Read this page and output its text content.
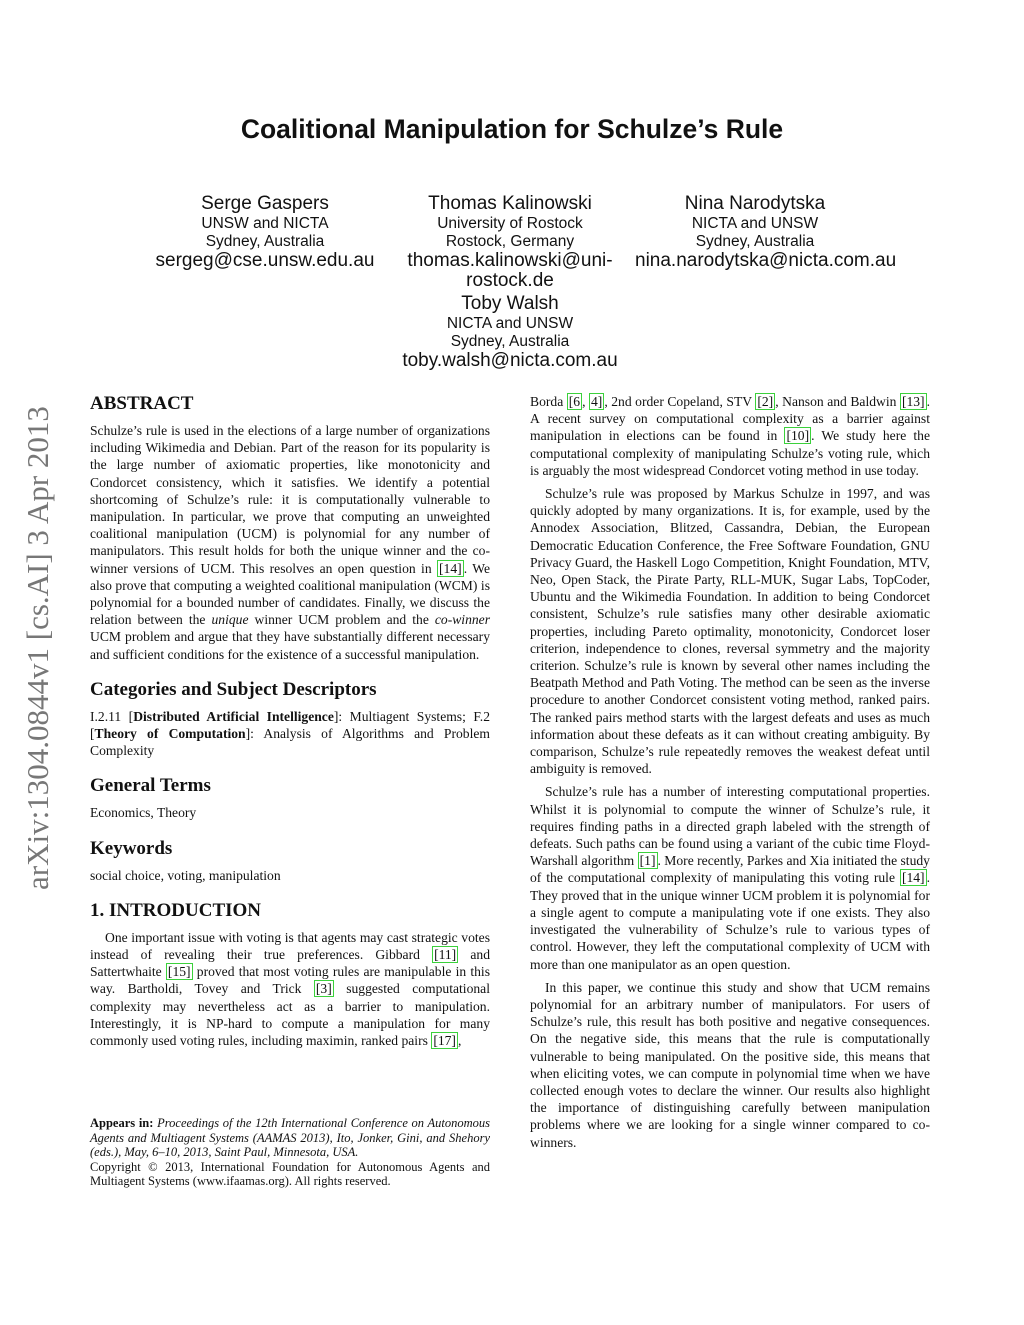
Coalitional Manipulation for Schulze’s Rule
Serge Gaspers
UNSW and NICTA
Sydney, Australia
sergeg@cse.unsw.edu.au
Thomas Kalinowski
University of Rostock
Rostock, Germany
thomas.kalinowski@uni-
rostock.de
Nina Narodytska
NICTA and UNSW
Sydney, Australia
nina.narodytska@nicta.com.au
Toby Walsh
NICTA and UNSW
Sydney, Australia
toby.walsh@nicta.com.au
arXiv:1304.0844v1 [cs.AI] 3 Apr 2013
ABSTRACT

Schulze’s rule is used in the elections of a large number of organizations including Wikimedia and Debian. Part of the reason for its popularity is the large number of axiomatic properties, like monotonicity and Condorcet consistency, which it satisfies. We identify a potential shortcoming of Schulze’s rule: it is computationally vulnerable to manipulation. In particular, we prove that computing an unweighted coalitional manipulation (UCM) is polynomial for any number of manipulators. This result holds for both the unique winner and the co-winner versions of UCM. This resolves an open question in [14] . We also prove that computing a weighted coalitional manipulation (WCM) is polynomial for a bounded number of candidates. Finally, we discuss the relation between the unique winner UCM problem and the co-winner UCM problem and argue that they have substantially different necessary and sufficient conditions for the existence of a successful manipulation.

Categories and Subject Descriptors

I.2.11 [Distributed Artificial Intelligence]: Multiagent Systems; F.2 [Theory of Computation]: Analysis of Algorithms and Problem Complexity

General Terms

Economics, Theory

Keywords

social choice, voting, manipulation

1. INTRODUCTION

One important issue with voting is that agents may cast strategic votes instead of revealing their true preferences. Gibbard [11] and Sattertwhaite [15] proved that most voting rules are manipulable in this way. Bartholdi, Tovey and Trick [3] suggested computational complexity may nevertheless act as a barrier to manipulation. Interestingly, it is NP-hard to compute a manipulation for many commonly used voting rules, including maximin, ranked pairs [17] ,

Appears in: Proceedings of the 12th International Conference on Autonomous Agents and Multiagent Systems (AAMAS 2013), Ito, Jonker, Gini, and Shehory (eds.), May, 6–10, 2013, Saint Paul, Minnesota, USA.

Copyright © 2013, International Foundation for Autonomous Agents and Multiagent Systems (www.ifaamas.org). All rights reserved.

Borda [6 , 4] , 2nd order Copeland, STV [2] , Nanson and Baldwin [13] . A recent survey on computational complexity as a barrier against manipulation in elections can be found in [10] . We study here the computational complexity of manipulating Schulze’s voting rule, which is arguably the most widespread Condorcet voting method in use today.

Schulze’s rule was proposed by Markus Schulze in 1997, and was quickly adopted by many organizations. It is, for example, used by the Annodex Association, Blitzed, Cassandra, Debian, the European Democratic Education Conference, the Free Software Foundation, GNU Privacy Guard, the Haskell Logo Competition, Knight Foundation, MTV, Neo, Open Stack, the Pirate Party, RLL-MUK, Sugar Labs, TopCoder, Ubuntu and the Wikimedia Foundation. In addition to being Condorcet consistent, Schulze’s rule satisfies many other desirable axiomatic properties, including Pareto optimality, monotonicity, Condorcet loser criterion, independence to clones, reversal symmetry and the majority criterion. Schulze’s rule is known by several other names including the Beatpath Method and Path Voting. The method can be seen as the inverse procedure to another Condorcet consistent voting method, ranked pairs. The ranked pairs method starts with the largest defeats and uses as much information about these defeats as it can without creating ambiguity. By comparison, Schulze’s rule repeatedly removes the weakest defeat until ambiguity is removed.

Schulze’s rule has a number of interesting computational properties. Whilst it is polynomial to compute the winner of Schulze’s rule, it requires finding paths in a directed graph labeled with the strength of defeats. Such paths can be found using a variant of the cubic time Floyd-Warshall algorithm [1] . More recently, Parkes and Xia initiated the study of the computational complexity of manipulating this voting rule [14] . They proved that in the unique winner UCM problem it is polynomial for a single agent to compute a manipulating vote if one exists. They also investigated the vulnerability of Schulze’s rule to various types of control. However, they left the computational complexity of UCM with more than one manipulator as an open question.

In this paper, we continue this study and show that UCM remains polynomial for an arbitrary number of manipulators. For users of Schulze’s rule, this result has both positive and negative consequences. On the negative side, this means that the rule is computationally vulnerable to being manipulated. On the positive side, this means that when eliciting votes, we can compute in polynomial time when we have collected enough votes to declare the winner. Our results also highlight the importance of distinguishing carefully between manipulation problems where we are looking for a single winner compared to co-winners.
